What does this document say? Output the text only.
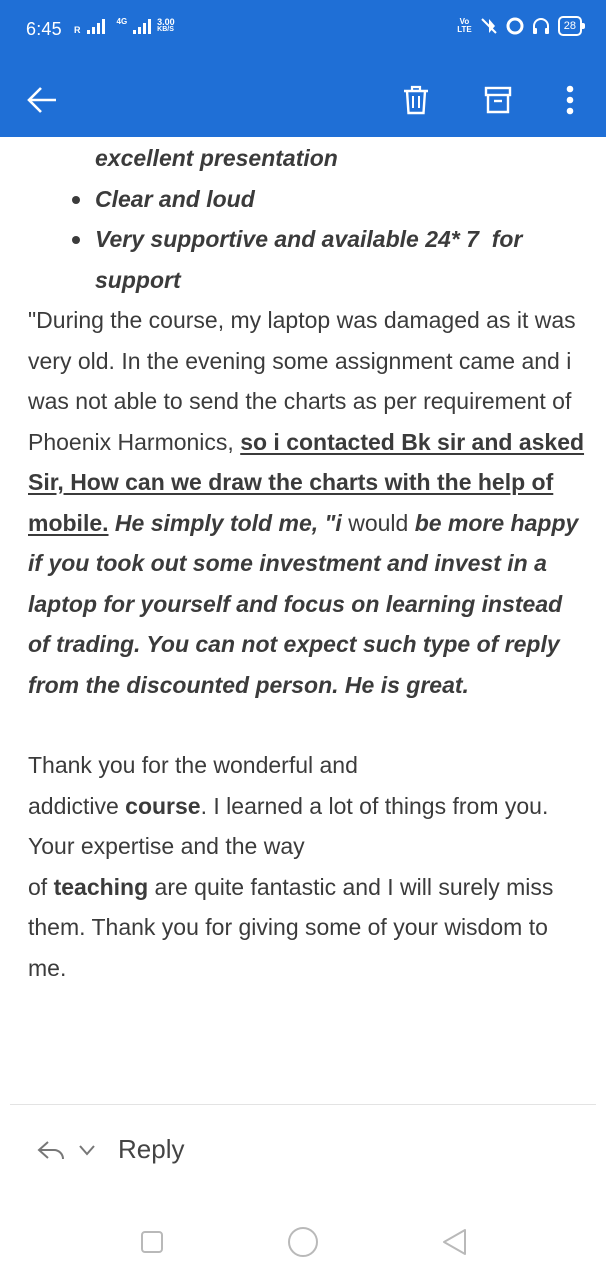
6:45 R
4G	3.00
KB/S
Vo
LTE	28

excellent presentation

Clear and loud

Very supportive and available 24* 7  for

support

"During the course, my laptop was damaged as it was very old. In the evening some assignment came and i was not able to send the charts as per requirement of Phoenix Harmonics, so i contacted Bk sir and asked Sir, How can we draw the charts with the help of mobile. He simply told me, "i would be more happy if you took out some investment and invest in a laptop for yourself and focus on learning instead of trading. You can not expect such type of reply from the discounted person. He is great.

Thank you for the wonderful and
addictive course. I learned a lot of things from you. Your expertise and the way
of teaching are quite fantastic and I will surely miss them. Thank you for giving some of your wisdom to me.

Reply
